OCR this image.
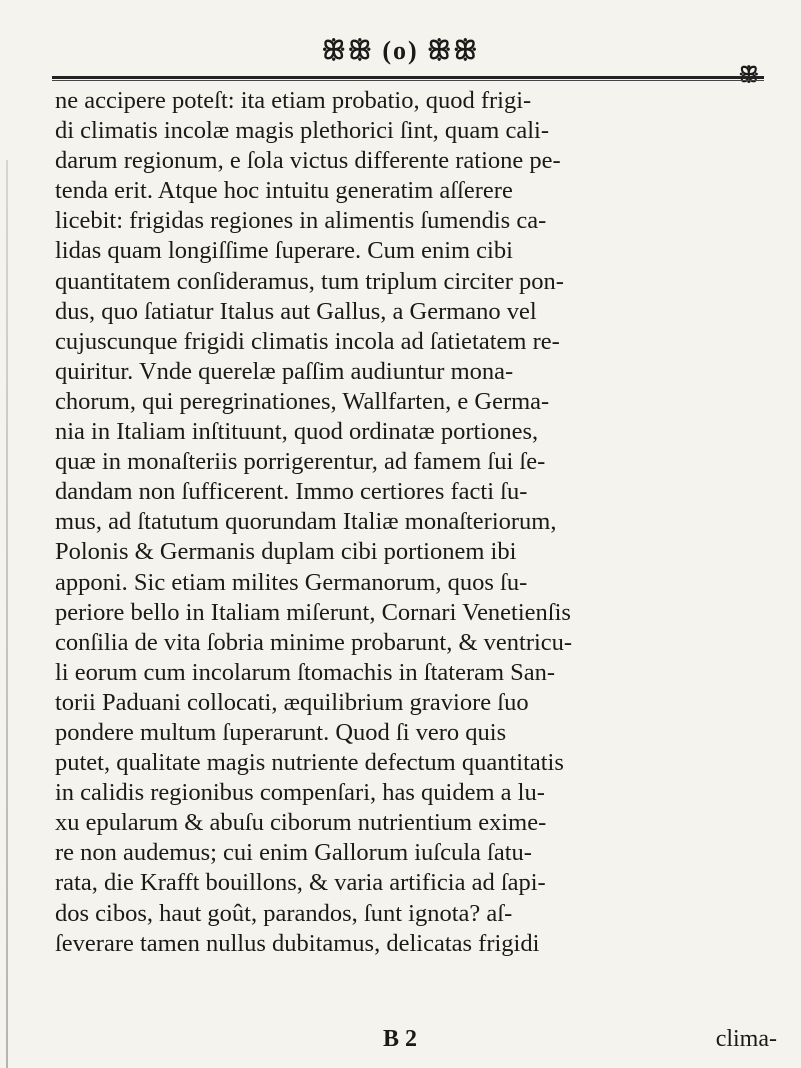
ꕥꕥ (o) ꕥꕥ
ꕥ
ne accipere poteſt: ita etiam probatio, quod frigi-
di climatis incolæ magis plethorici ſint, quam cali-
darum regionum, e ſola victus differente ratione pe-
tenda erit. Atque hoc intuitu generatim aſſerere
licebit: frigidas regiones in alimentis ſumendis ca-
lidas quam longiſſime ſuperare. Cum enim cibi
quantitatem conſideramus, tum triplum circiter pon-
dus, quo ſatiatur Italus aut Gallus, a Germano vel
cujuscunque frigidi climatis incola ad ſatietatem re-
quiritur. Vnde querelæ paſſim audiuntur mona-
chorum, qui peregrinationes, Wallfarten, e Germa-
nia in Italiam inſtituunt, quod ordinatæ portiones,
quæ in monaſteriis porrigerentur, ad famem ſui ſe-
dandam non ſufficerent. Immo certiores facti ſu-
mus, ad ſtatutum quorundam Italiæ monaſteriorum,
Polonis & Germanis duplam cibi portionem ibi
apponi. Sic etiam milites Germanorum, quos ſu-
periore bello in Italiam miſerunt, Cornari Venetienſis
conſilia de vita ſobria minime probarunt, & ventricu-
li eorum cum incolarum ſtomachis in ſtateram San-
torii Paduani collocati, æquilibrium graviore ſuo
pondere multum ſuperarunt. Quod ſi vero quis
putet, qualitate magis nutriente defectum quantitatis
in calidis regionibus compenſari, has quidem a lu-
xu epularum & abuſu ciborum nutrientium exime-
re non audemus; cui enim Gallorum iuſcula ſatu-
rata, die Krafft bouillons, & varia artificia ad ſapi-
dos cibos, haut goût, parandos, ſunt ignota? aſ-
ſeverare tamen nullus dubitamus, delicatas frigidi
B 2	clima-
